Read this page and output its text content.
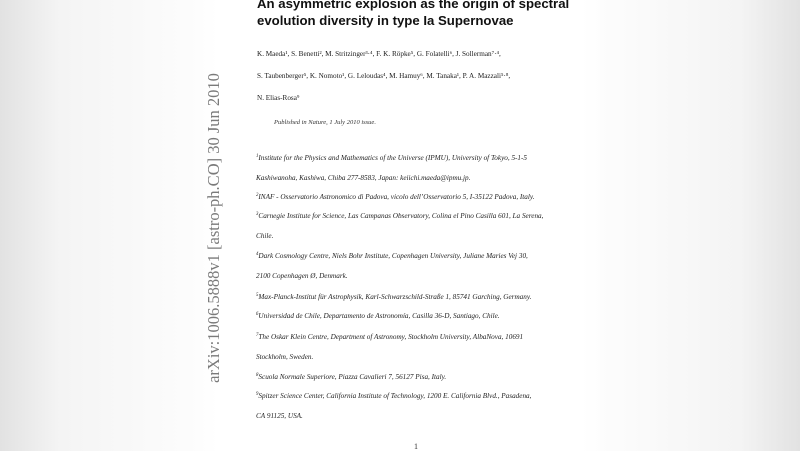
arXiv:1006.5888v1 [astro-ph.CO] 30 Jun 2010
An asymmetric explosion as the origin of spectral evolution diversity in type Ia Supernovae
K. Maeda¹, S. Benetti², M. Stritzinger³·⁴, F. K. Röpke⁵, G. Folatelli⁶, J. Sollerman⁷·⁴,
S. Taubenberger⁵, K. Nomoto¹, G. Leloudas⁴, M. Hamuy⁶, M. Tanaka¹, P. A. Mazzali⁵·⁸,
N. Elias-Rosa⁹
Published in Nature, 1 July 2010 issue.
$^1$Institute for the Physics and Mathematics of the Universe (IPMU), University of Tokyo, 5-1-5
Kashiwanoha, Kashiwa, Chiba 277-8583, Japan: keiichi.maeda@ipmu.jp.
$^2$INAF - Osservatorio Astronomico di Padova, vicolo dell’Osservatorio 5, I-35122 Padova, Italy.
$^3$Carnegie Institute for Science, Las Campanas Observatory, Colina el Pino Casilla 601, La Serena,
Chile.
$^4$Dark Cosmology Centre, Niels Bohr Institute, Copenhagen University, Juliane Maries Vej 30,
2100 Copenhagen Ø, Denmark.
$^5$Max-Planck-Institut für Astrophysik, Karl-Schwarzschild-Straße 1, 85741 Garching, Germany.
$^6$Universidad de Chile, Departamento de Astronomía, Casilla 36-D, Santiago, Chile.
$^7$The Oskar Klein Centre, Department of Astronomy, Stockholm University, AlbaNova, 10691
Stockholm, Sweden.
$^8$Scuola Normale Superiore, Piazza Cavalieri 7, 56127 Pisa, Italy.
$^9$Spitzer Science Center, California Institute of Technology, 1200 E. California Blvd., Pasadena,
CA 91125, USA.
1
